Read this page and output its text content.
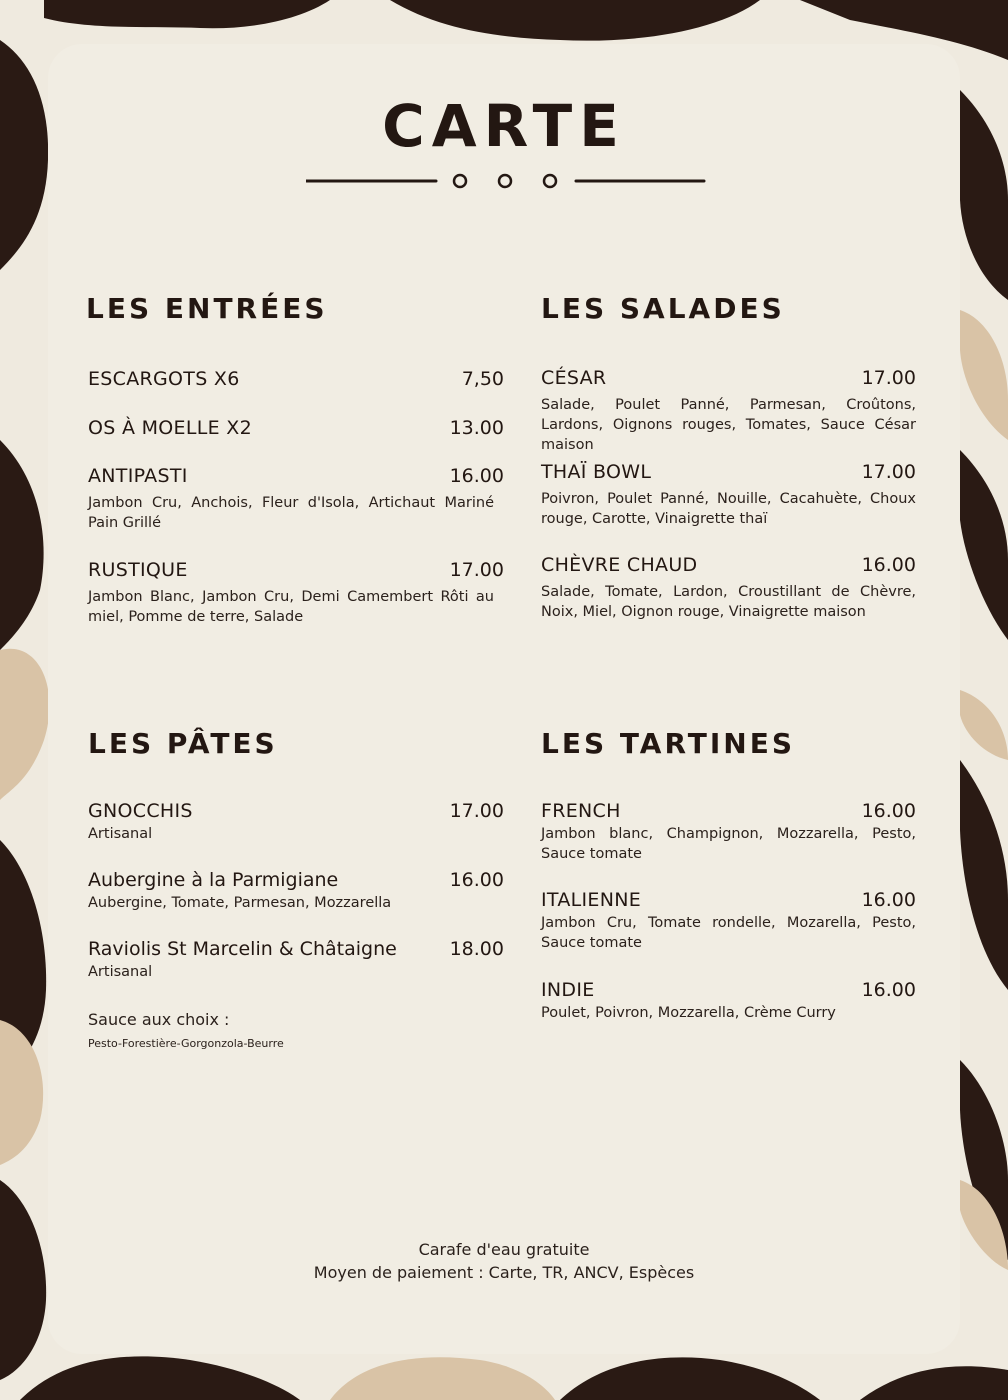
CARTE
LES ENTRÉES
ESCARGOTS X6	7,50
OS À MOELLE X2	13.00
ANTIPASTI	16.00
Jambon Cru, Anchois, Fleur d'Isola, Artichaut Mariné Pain Grillé
RUSTIQUE	17.00
Jambon Blanc, Jambon Cru, Demi Camembert Rôti au miel, Pomme de terre, Salade
LES SALADES
CÉSAR	17.00
Salade, Poulet Panné, Parmesan, Croûtons, Lardons, Oignons rouges, Tomates, Sauce César maison
THAÏ BOWL	17.00
Poivron, Poulet Panné, Nouille, Cacahuète, Choux rouge, Carotte, Vinaigrette thaï
CHÈVRE CHAUD	16.00
Salade, Tomate, Lardon, Croustillant de Chèvre, Noix, Miel, Oignon rouge, Vinaigrette maison
LES PÂTES
GNOCCHIS	17.00
Artisanal
Aubergine à la Parmigiane	16.00
Aubergine, Tomate, Parmesan, Mozzarella
Raviolis St Marcelin & Châtaigne	18.00
Artisanal
Sauce aux choix :
Pesto-Forestière-Gorgonzola-Beurre
LES TARTINES
FRENCH	16.00
Jambon blanc, Champignon, Mozzarella, Pesto, Sauce tomate
ITALIENNE	16.00
Jambon Cru, Tomate rondelle, Mozarella, Pesto, Sauce tomate
INDIE	16.00
Poulet, Poivron, Mozzarella, Crème Curry
Carafe d'eau gratuite
Moyen de paiement : Carte, TR, ANCV, Espèces
